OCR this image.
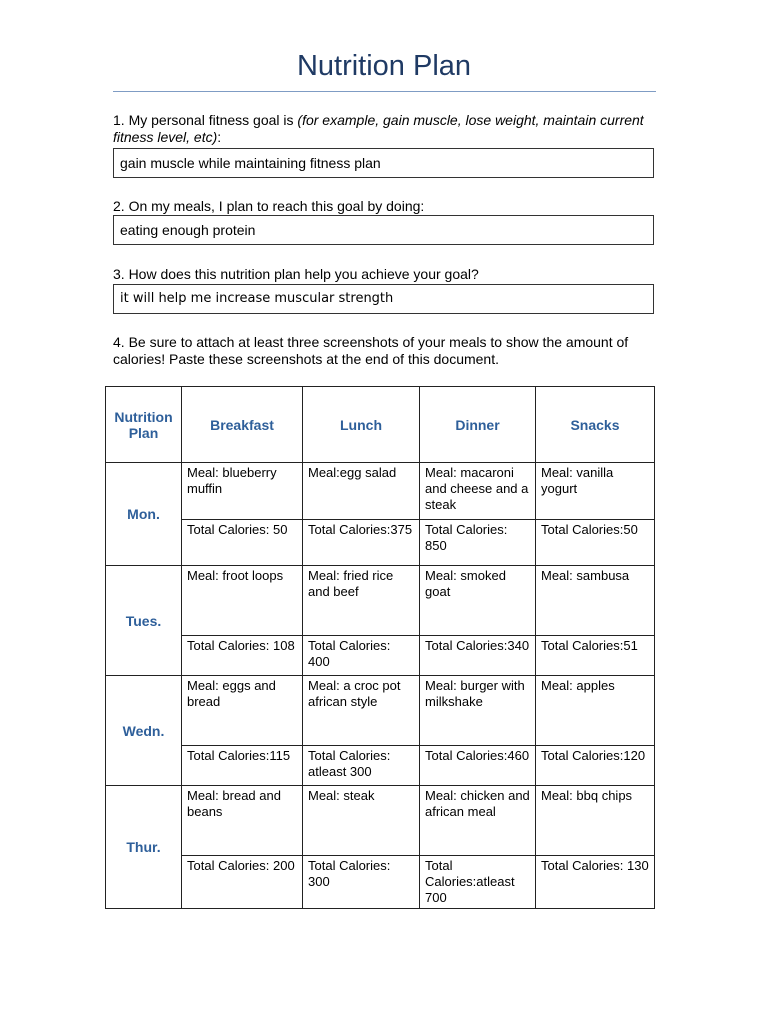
Nutrition Plan
1. My personal fitness goal is (for example, gain muscle, lose weight, maintain current fitness level, etc):
gain muscle while maintaining fitness plan
2. On my meals, I plan to reach this goal by doing:
eating enough protein
3. How does this nutrition plan help you achieve your goal?
it will help me increase muscular strength
4. Be sure to attach at least three screenshots of your meals to show the amount of calories! Paste these screenshots at the end of this document.
Nutrition Plan	Breakfast	Lunch	Dinner	Snacks
Mon.	Meal: blueberry muffin	Meal:egg salad	Meal: macaroni and cheese and a steak	Meal: vanilla yogurt
	Total Calories: 50	Total Calories:375	Total Calories: 850	Total Calories:50
Tues.	Meal: froot loops	Meal: fried rice and beef	Meal: smoked goat	Meal: sambusa
	Total Calories: 108	Total Calories: 400	Total Calories:340	Total Calories:51
Wedn.	Meal: eggs and bread	Meal: a croc pot african style	Meal: burger with milkshake	Meal: apples
	Total Calories:115	Total Calories: atleast 300	Total Calories:460	Total Calories:120
Thur.	Meal: bread and beans	Meal: steak	Meal: chicken and african meal	Meal: bbq chips
	Total Calories: 200	Total Calories: 300	Total Calories:atleast 700	Total Calories: 130
